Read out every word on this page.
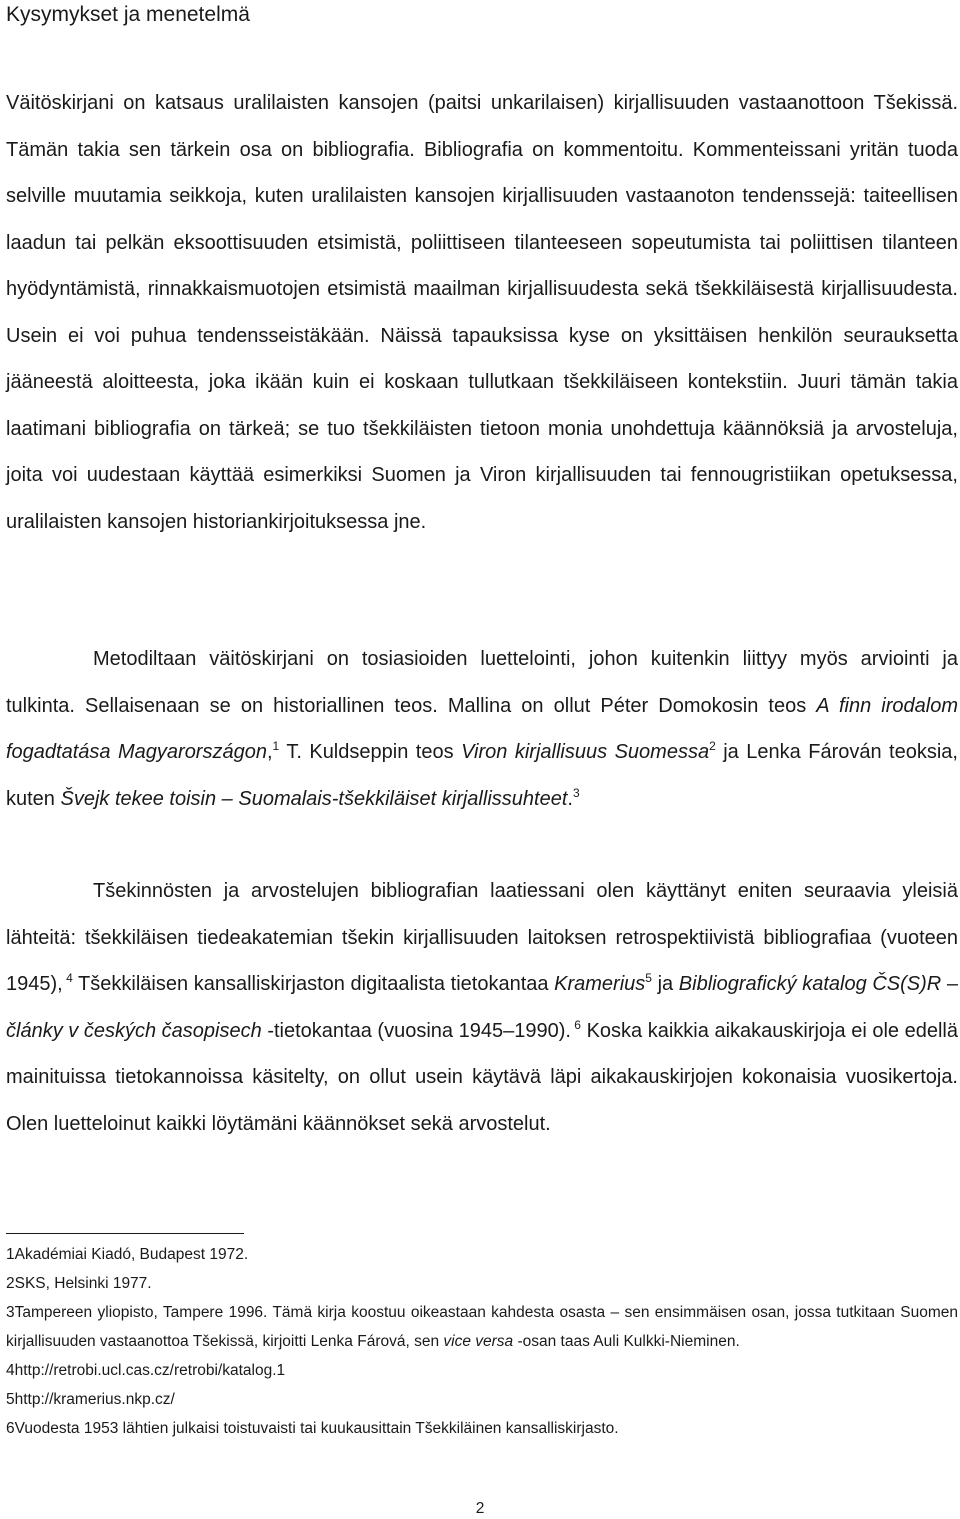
Kysymykset ja menetelmä
Väitöskirjani on katsaus uralilaisten kansojen (paitsi unkarilaisen) kirjallisuuden vastaanottoon Tšekissä. Tämän takia sen tärkein osa on bibliografia. Bibliografia on kommentoitu. Kommenteissani yritän tuoda selville muutamia seikkoja, kuten uralilaisten kansojen kirjallisuuden vastaanoton tendenssejä: taiteellisen laadun tai pelkän eksoottisuuden etsimistä, poliittiseen tilanteeseen sopeutumista tai poliittisen tilanteen hyödyntämistä, rinnakkaismuotojen etsimistä maailman kirjallisuudesta sekä tšekkiläisestä kirjallisuudesta. Usein ei voi puhua tendensseistäkään. Näissä tapauksissa kyse on yksittäisen henkilön seurauksetta jääneestä aloitteesta, joka ikään kuin ei koskaan tullutkaan tšekkiläiseen kontekstiin. Juuri tämän takia laatimani bibliografia on tärkeä; se tuo tšekkiläisten tietoon monia unohdettuja käännöksiä ja arvosteluja, joita voi uudestaan käyttää esimerkiksi Suomen ja Viron kirjallisuuden tai fennougristiikan opetuksessa, uralilaisten kansojen historiankirjoituksessa jne.
Metodiltaan väitöskirjani on tosiasioiden luettelointi, johon kuitenkin liittyy myös arviointi ja tulkinta. Sellaisenaan se on historiallinen teos. Mallina on ollut Péter Domokosin teos A finn irodalom fogadtatása Magyarországon,$^1$ T. Kuldseppin teos Viron kirjallisuus Suomessa$^2$ ja Lenka Fárován teoksia, kuten Švejk tekee toisin – Suomalais-tšekkiläiset kirjallissuhteet.$^3$
Tšekinnösten ja arvostelujen bibliografian laatiessani olen käyttänyt eniten seuraavia yleisiä lähteitä: tšekkiläisen tiedeakatemian tšekin kirjallisuuden laitoksen retrospektiivistä bibliografiaa (vuoteen 1945), $^4$ Tšekkiläisen kansalliskirjaston digitaalista tietokantaa Kramerius$^5$ ja Bibliografický katalog ČS(S)R – články v českých časopisech -tietokantaa (vuosina 1945–1990). $^6$ Koska kaikkia aikakauskirjoja ei ole edellä mainituissa tietokannoissa käsitelty, on ollut usein käytävä läpi aikakauskirjojen kokonaisia vuosikertoja. Olen luetteloinut kaikki löytämäni käännökset sekä arvostelut.
1Akadémiai Kiadó, Budapest 1972.
2SKS, Helsinki 1977.
3Tampereen yliopisto, Tampere 1996. Tämä kirja koostuu oikeastaan kahdesta osasta – sen ensimmäisen osan, jossa tutkitaan Suomen kirjallisuuden vastaanottoa Tšekissä, kirjoitti Lenka Fárová, sen vice versa -osan taas Auli Kulkki-Nieminen.
4http://retrobi.ucl.cas.cz/retrobi/katalog.1
5http://kramerius.nkp.cz/
6Vuodesta 1953 lähtien julkaisi toistuvaisti tai kuukausittain Tšekkiläinen kansalliskirjasto.
2
